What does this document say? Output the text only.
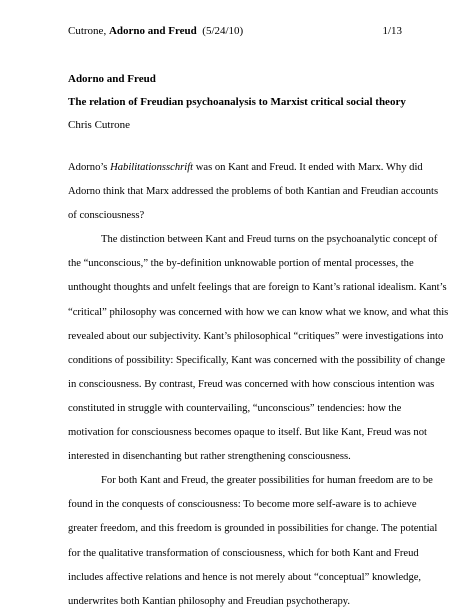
Cutrone, Adorno and Freud (5/24/10)	1/13
Adorno and Freud
The relation of Freudian psychoanalysis to Marxist critical social theory
Chris Cutrone
Adorno’s Habilitationsschrift was on Kant and Freud. It ended with Marx. Why did
Adorno think that Marx addressed the problems of both Kantian and Freudian accounts
of consciousness?
The distinction between Kant and Freud turns on the psychoanalytic concept of
the “unconscious,” the by-definition unknowable portion of mental processes, the
unthought thoughts and unfelt feelings that are foreign to Kant’s rational idealism. Kant’s
“critical” philosophy was concerned with how we can know what we know, and what this
revealed about our subjectivity. Kant’s philosophical “critiques” were investigations into
conditions of possibility: Specifically, Kant was concerned with the possibility of change
in consciousness. By contrast, Freud was concerned with how conscious intention was
constituted in struggle with countervailing, “unconscious” tendencies: how the
motivation for consciousness becomes opaque to itself. But like Kant, Freud was not
interested in disenchanting but rather strengthening consciousness.
For both Kant and Freud, the greater possibilities for human freedom are to be
found in the conquests of consciousness: To become more self-aware is to achieve
greater freedom, and this freedom is grounded in possibilities for change. The potential
for the qualitative transformation of consciousness, which for both Kant and Freud
includes affective relations and hence is not merely about “conceptual” knowledge,
underwrites both Kantian philosophy and Freudian psychotherapy.
